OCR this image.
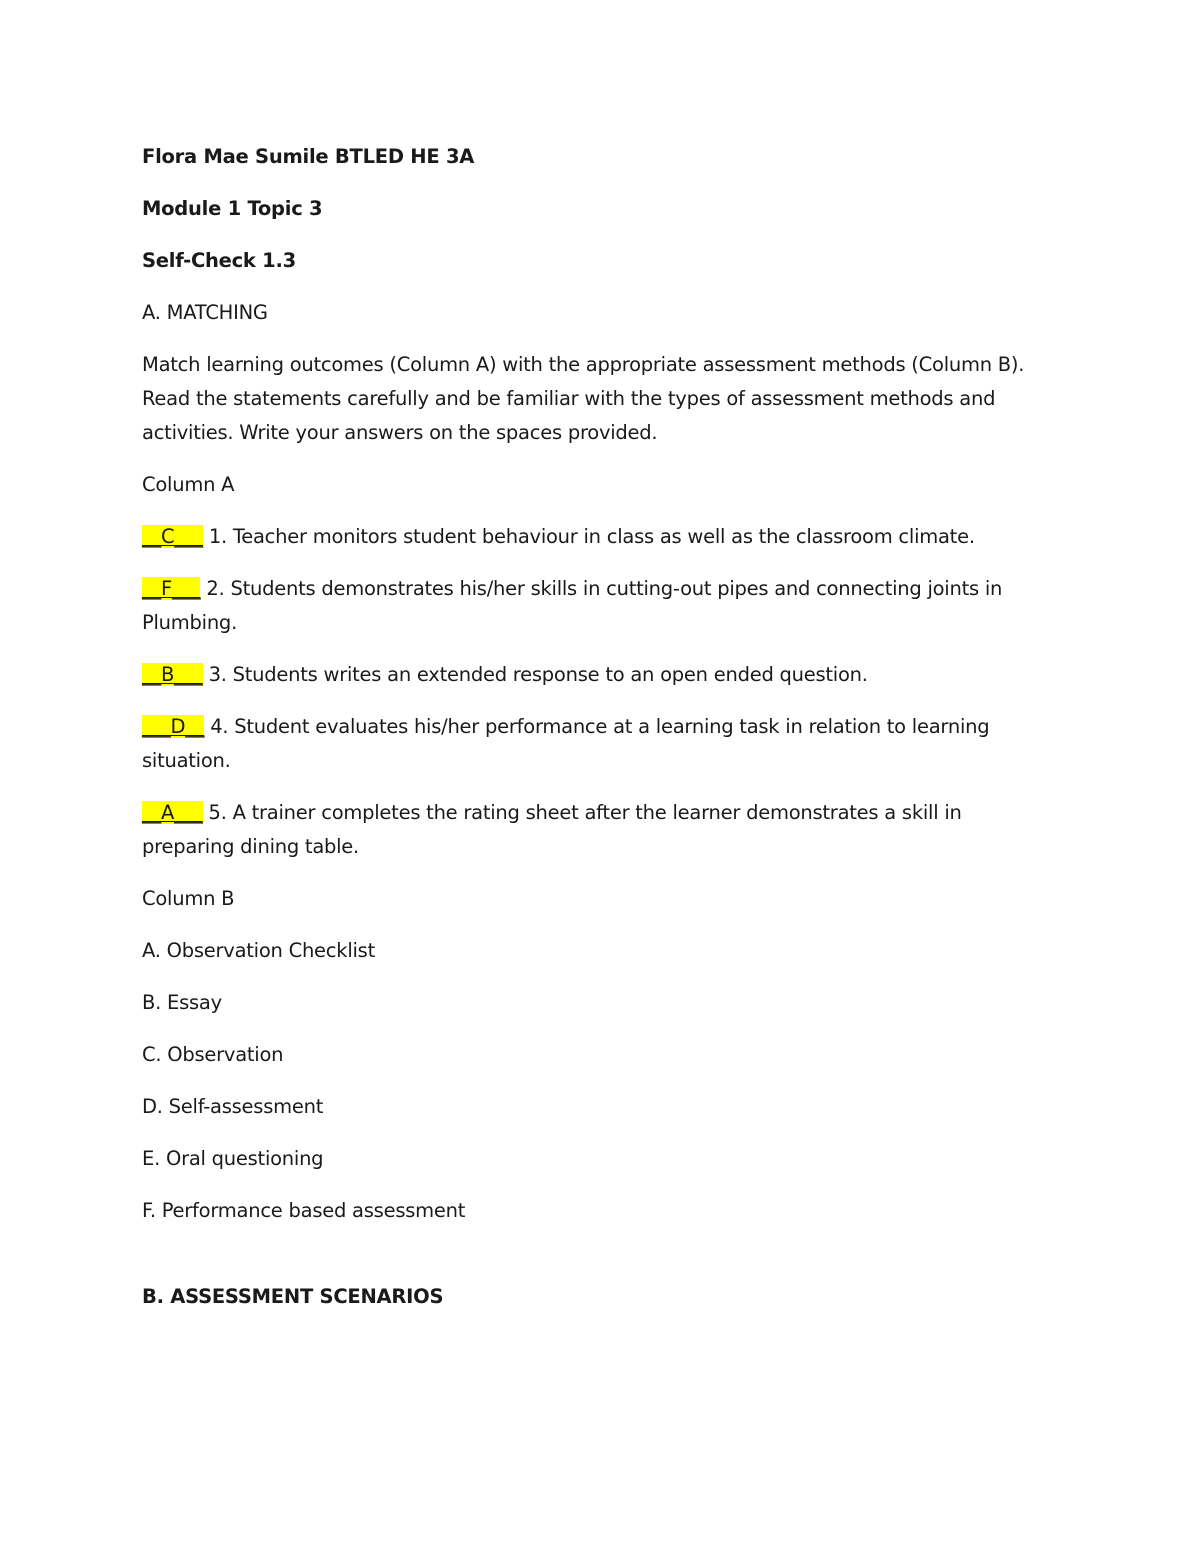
Flora Mae Sumile BTLED HE 3A

Module 1 Topic 3

Self-Check 1.3

A. MATCHING

Match learning outcomes (Column A) with the appropriate assessment methods (Column B). Read the statements carefully and be familiar with the types of assessment methods and activities. Write your answers on the spaces provided.

Column A

__C___ 1. Teacher monitors student behaviour in class as well as the classroom climate.

__F___ 2. Students demonstrates his/her skills in cutting-out pipes and connecting joints in Plumbing.

__B___ 3. Students writes an extended response to an open ended question.

___D__ 4. Student evaluates his/her performance at a learning task in relation to learning situation.

__A___ 5. A trainer completes the rating sheet after the learner demonstrates a skill in preparing dining table.

Column B

A. Observation Checklist

B. Essay

C. Observation

D. Self-assessment

E. Oral questioning

F. Performance based assessment

B. ASSESSMENT SCENARIOS
